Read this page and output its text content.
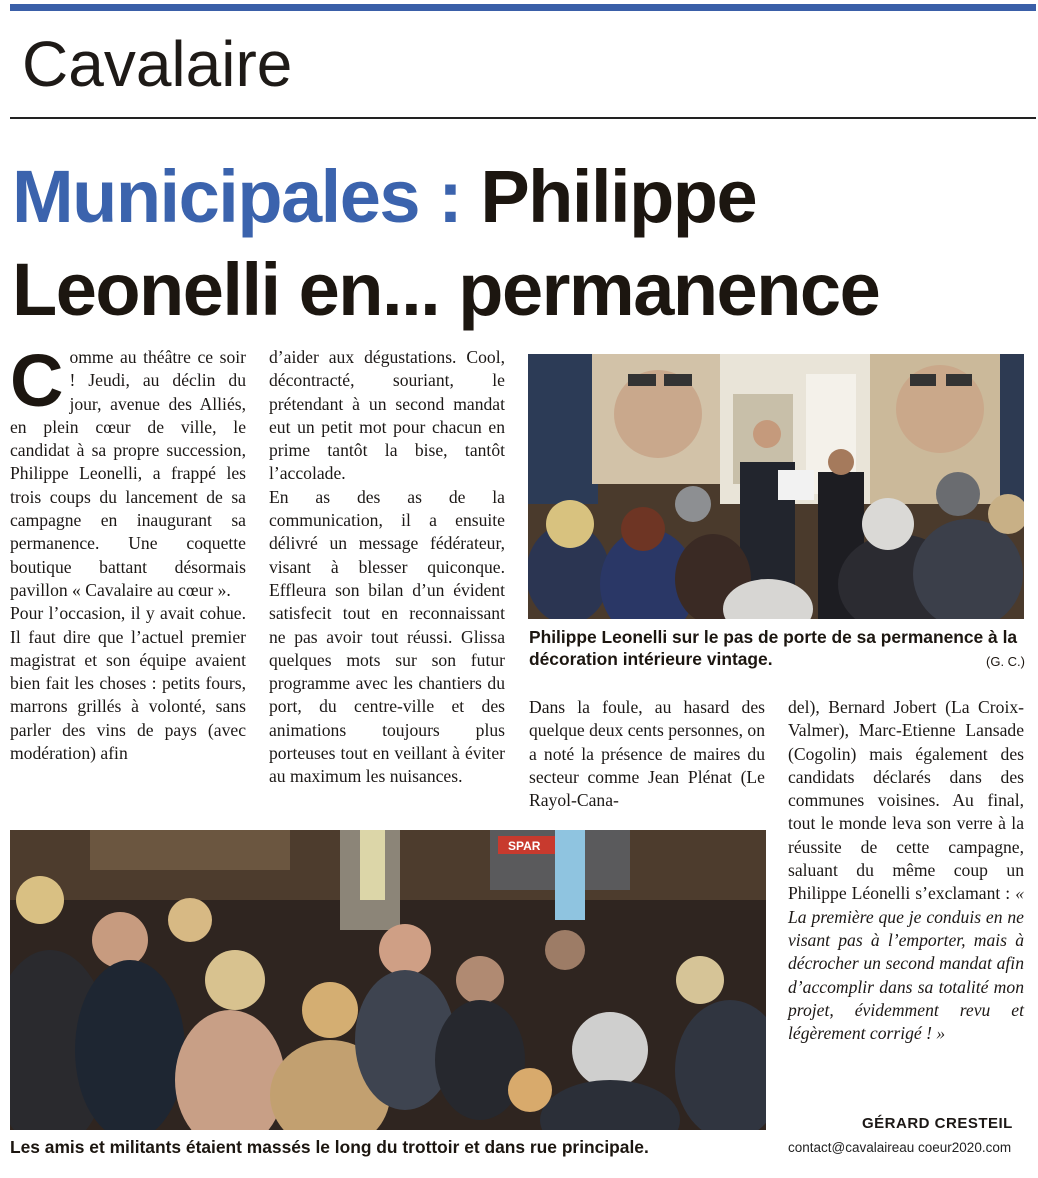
Cavalaire
Municipales : Philippe
Leonelli en... permanence
C omme au théâtre ce soir ! Jeudi, au déclin du jour, avenue des Alliés, en plein cœur de ville, le candidat à sa propre succession, Philippe Leonelli, a frappé les trois coups du lancement de sa campagne en inaugurant sa permanence. Une coquette boutique battant désormais pavillon « Cavalaire au cœur ».

Pour l’occasion, il y avait cohue. Il faut dire que l’actuel premier magistrat et son équipe avaient bien fait les choses : petits fours, marrons grillés à volonté, sans parler des vins de pays (avec modération) afin

d’aider aux dégustations. Cool, décontracté, souriant, le prétendant à un second mandat eut un petit mot pour chacun en prime tantôt la bise, tantôt l’accolade.

En as des as de la communication, il a ensuite délivré un message fédérateur, visant à blesser quiconque. Effleura son bilan d’un évident satisfecit tout en reconnaissant ne pas avoir tout réussi. Glissa quelques mots sur son futur programme avec les chantiers du port, du centre-ville et des animations toujours plus porteuses tout en veillant à éviter au maximum les nuisances.

Philippe Leonelli sur le pas de porte de sa permanence à la décoration intérieure vintage.	(G. C.)

Dans la foule, au hasard des quelque deux cents personnes, on a noté la présence de maires du secteur comme Jean Plénat (Le Rayol-Cana-

del), Bernard Jobert (La Croix-Valmer), Marc-Etienne Lansade (Cogolin) mais également des candidats déclarés dans des communes voisines. Au final, tout le monde leva son verre à la réussite de cette campagne, saluant du même coup un Philippe Léonelli s’exclamant : « La première que je conduis en ne visant pas à l’emporter, mais à décrocher un second mandat afin d’accomplir dans sa totalité mon projet, évidemment revu et légèrement corrigé ! »

SPAR
Les amis et militants étaient massés le long du trottoir et dans rue principale.
GÉRARD CRESTEIL
contact@cavalaireau coeur2020.com
